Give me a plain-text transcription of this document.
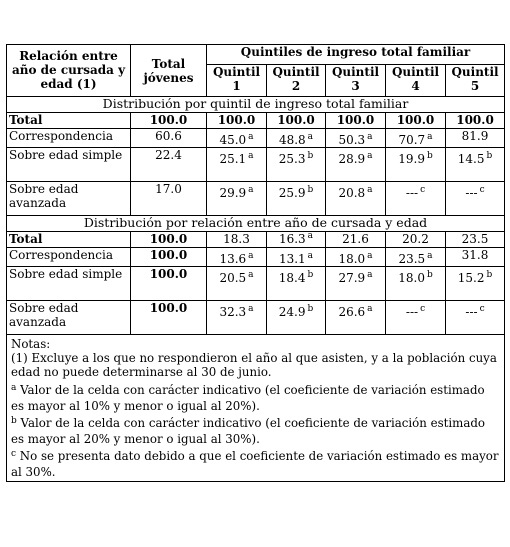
Relación entre año de cursada y edad (1)	Total jóvenes	Quintiles de ingreso total familiar				
		Quintil 1	Quintil 2	Quintil 3	Quintil 4	Quintil 5
Distribución por quintil de ingreso total familiar						
Total	100.0	100.0	100.0	100.0	100.0	100.0
Correspondencia	60.6	45.0 $^a$	48.8 $^a$	50.3 $^a$	70.7 $^a$	81.9
Sobre edad simple	22.4	25.1 $^a$	25.3 $^b$	28.9 $^a$	19.9 $^b$	14.5 $^b$
Sobre edad avanzada	17.0	29.9 $^a$	25.9 $^b$	20.8 $^a$	--- $^c$	--- $^c$
Distribución por relación entre año de cursada y edad						
Total	100.0	18.3	16.3 $^a$	21.6	20.2	23.5
Correspondencia	100.0	13.6 $^a$	13.1 $^a$	18.0 $^a$	23.5 $^a$	31.8
Sobre edad simple	100.0	20.5 $^a$	18.4 $^b$	27.9 $^a$	18.0 $^b$	15.2 $^b$
Sobre edad avanzada	100.0	32.3 $^a$	24.9 $^b$	26.6 $^a$	--- $^c$	--- $^c$

Notas:
(1) Excluye a los que no respondieron el año al que asisten, y a la población cuya edad no puede determinarse al 30 de junio.
$^a$ Valor de la celda con carácter indicativo (el coeficiente de variación estimado es mayor al 10% y menor o igual al 20%).
$^b$ Valor de la celda con carácter indicativo (el coeficiente de variación estimado es mayor al 20% y menor o igual al 30%).
$^c$ No se presenta dato debido a que el coeficiente de variación estimado es mayor al 30%.						
